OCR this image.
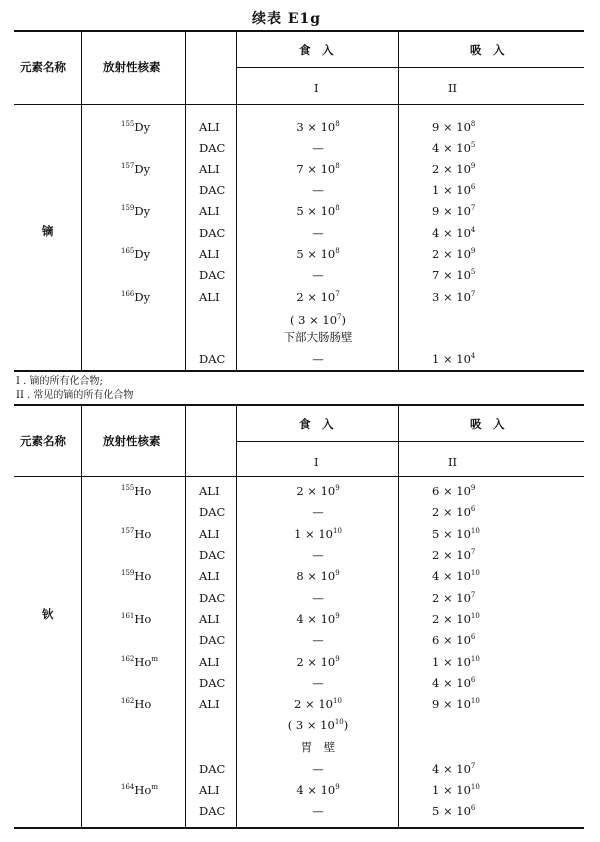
续表 E1g
元素名称	放射性核素
食　入	吸　入
I	II
镝
$^{155}$Dy	ALI	$3 \times 10^8$	$9 \times 10^8$
DAC	—	$4 \times 10^5$
$^{157}$Dy	ALI	$7 \times 10^8$	$2 \times 10^9$
DAC	—	$1 \times 10^6$
$^{159}$Dy	ALI	$5 \times 10^8$	$9 \times 10^7$
DAC	—	$4 \times 10^4$
$^{165}$Dy	ALI	$5 \times 10^8$	$2 \times 10^9$
DAC	—	$7 \times 10^5$
$^{166}$Dy	ALI	$2 \times 10^7$	$3 \times 10^7$
( $3 \times 10^7$)
下部大肠肠壁
DAC	—	$1 \times 10^4$
I . 镝的所有化合物;
II . 常见的镝的所有化合物
元素名称	放射性核素
食　入	吸　入
I	II
钬
$^{155}$Ho	ALI	$2 \times 10^9$	$6 \times 10^9$
DAC	—	$2 \times 10^6$
$^{157}$Ho	ALI	$1 \times 10^{10}$	$5 \times 10^{10}$
DAC	—	$2 \times 10^7$
$^{159}$Ho	ALI	$8 \times 10^9$	$4 \times 10^{10}$
DAC	—	$2 \times 10^7$
$^{161}$Ho	ALI	$4 \times 10^9$	$2 \times 10^{10}$
DAC	—	$6 \times 10^6$
$^{162}$Ho$^m$	ALI	$2 \times 10^9$	$1 \times 10^{10}$
DAC	—	$4 \times 10^6$
$^{162}$Ho	ALI	$2 \times 10^{10}$	$9 \times 10^{10}$
( $3 \times 10^{10}$)
胃　壁
DAC	—	$4 \times 10^7$
$^{164}$Ho$^m$	ALI	$4 \times 10^9$	$1 \times 10^{10}$
DAC	—	$5 \times 10^6$
